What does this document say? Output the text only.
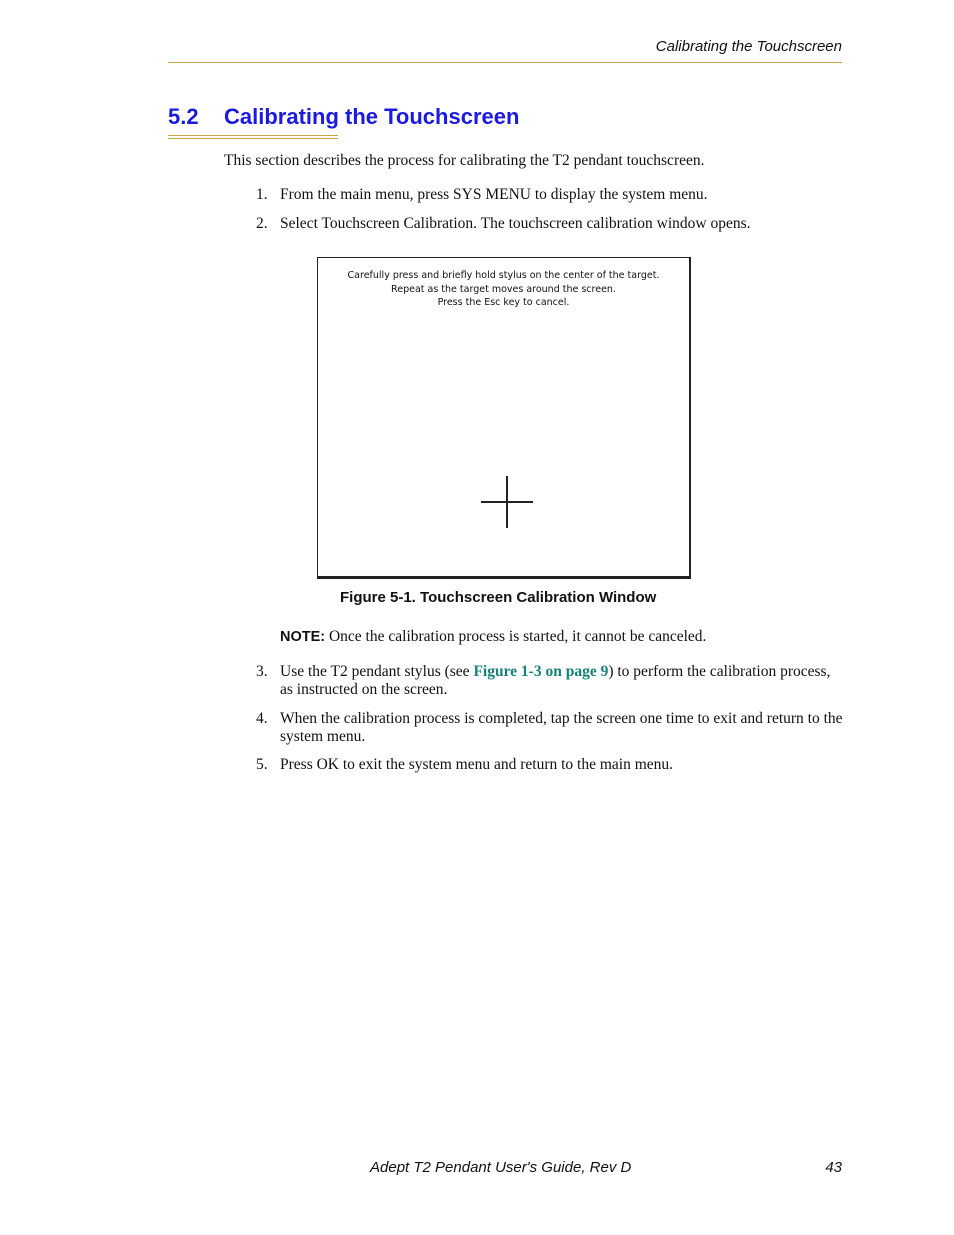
Calibrating the Touchscreen
5.2 Calibrating the Touchscreen

This section describes the process for calibrating the T2 pendant touchscreen.

1. From the main menu, press SYS MENU to display the system menu.
2. Select Touchscreen Calibration. The touchscreen calibration window opens.
Carefully press and briefly hold stylus on the center of the target.
Repeat as the target moves around the screen.
Press the Esc key to cancel.
Figure 5-1. Touchscreen Calibration Window
NOTE: Once the calibration process is started, it cannot be canceled.
3. Use the T2 pendant stylus (see Figure 1-3 on page 9) to perform the calibration process, as instructed on the screen.
4. When the calibration process is completed, tap the screen one time to exit and return to the system menu.
5. Press OK to exit the system menu and return to the main menu.
Adept T2 Pendant User's Guide, Rev D	43
